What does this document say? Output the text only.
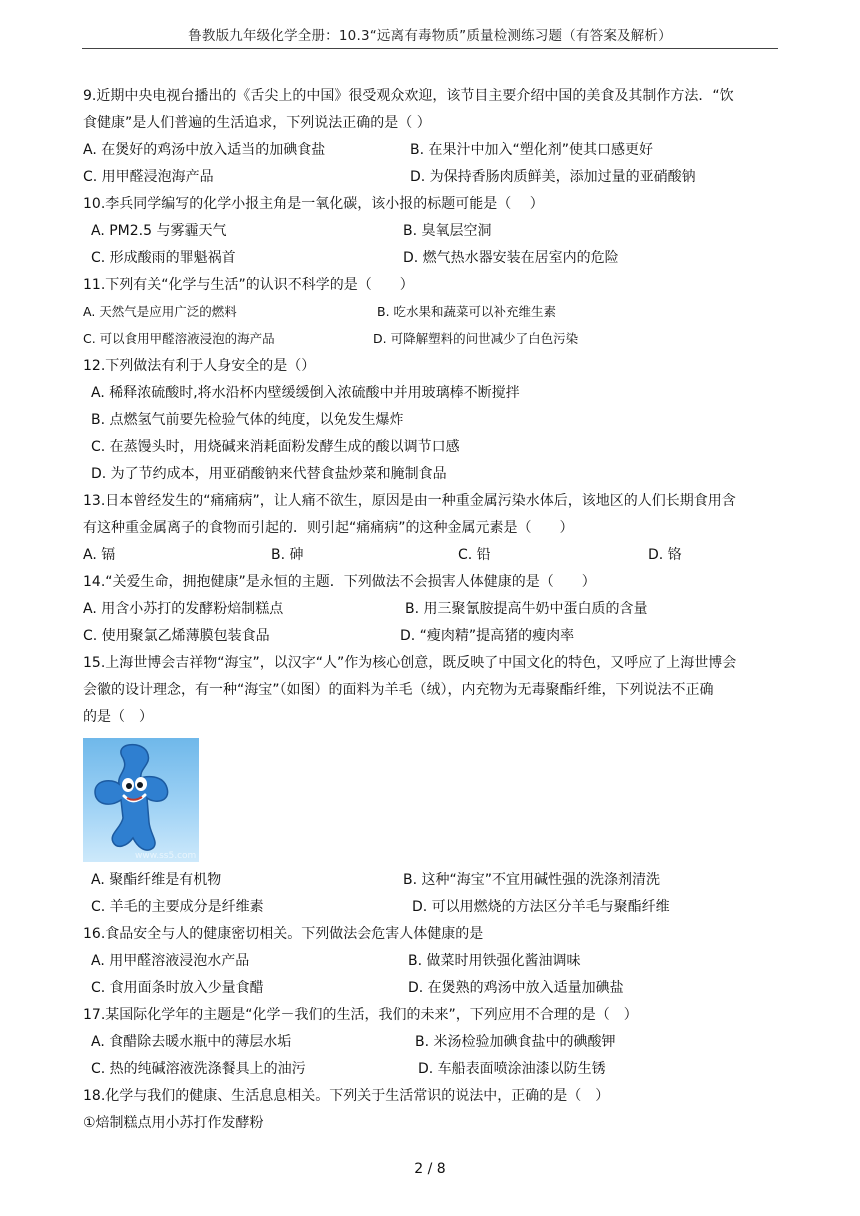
鲁教版九年级化学全册：10.3“远离有毒物质”质量检测练习题（有答案及解析）
9.近期中央电视台播出的《舌尖上的中国》很受观众欢迎，该节目主要介绍中国的美食及其制作方法．“饮
食健康”是人们普遍的生活追求，下列说法正确的是（ ）
A. 在煲好的鸡汤中放入适当的加碘食盐	B. 在果汁中加入“塑化剂”使其口感更好
C. 用甲醛浸泡海产品	D. 为保持香肠肉质鲜美，添加过量的亚硝酸钠
10.李兵同学编写的化学小报主角是一氧化碳，该小报的标题可能是（　 ）
A. PM2.5 与雾霾天气	B. 臭氧层空洞
C. 形成酸雨的罪魁祸首	D. 燃气热水器安装在居室内的危险
11.下列有关“化学与生活”的认识不科学的是（　　）
A. 天然气是应用广泛的燃料	B. 吃水果和蔬菜可以补充维生素
C. 可以食用甲醛溶液浸泡的海产品	D. 可降解塑料的问世减少了白色污染
12.下列做法有利于人身安全的是（）
A. 稀释浓硫酸时,将水沿杯内壁缓缓倒入浓硫酸中并用玻璃棒不断搅拌
B. 点燃氢气前要先检验气体的纯度，以免发生爆炸
C. 在蒸馒头时，用烧碱来消耗面粉发酵生成的酸以调节口感
D. 为了节约成本，用亚硝酸钠来代替食盐炒菜和腌制食品
13.日本曾经发生的“痛痛病”，让人痛不欲生，原因是由一种重金属污染水体后，该地区的人们长期食用含
有这种重金属离子的食物而引起的．则引起“痛痛病”的这种金属元素是（　　）
A. 镉	B. 砷	C. 铅	D. 铬
14.“关爱生命，拥抱健康”是永恒的主题．下列做法不会损害人体健康的是（　　）
A. 用含小苏打的发酵粉焙制糕点	B. 用三聚氰胺提高牛奶中蛋白质的含量
C. 使用聚氯乙烯薄膜包装食品	D. “瘦肉精”提高猪的瘦肉率
15.上海世博会吉祥物“海宝”，以汉字“人”作为核心创意，既反映了中国文化的特色，又呼应了上海世博会
会徽的设计理念，有一种“海宝”（如图）的面料为羊毛（绒），内充物为无毒聚酯纤维，下列说法不正确
的是（　）
www.ss5.com
A. 聚酯纤维是有机物	B. 这种“海宝”不宜用碱性强的洗涤剂清洗
C. 羊毛的主要成分是纤维素	D. 可以用燃烧的方法区分羊毛与聚酯纤维
16.食品安全与人的健康密切相关。下列做法会危害人体健康的是
A. 用甲醛溶液浸泡水产品	B. 做菜时用铁强化酱油调味
C. 食用面条时放入少量食醋	D. 在煲熟的鸡汤中放入适量加碘盐
17.某国际化学年的主题是“化学－我们的生活，我们的未来”，下列应用不合理的是（　）
A. 食醋除去暖水瓶中的薄层水垢	B. 米汤检验加碘食盐中的碘酸钾
C. 热的纯碱溶液洗涤餐具上的油污	D. 车船表面喷涂油漆以防生锈
18.化学与我们的健康、生活息息相关。下列关于生活常识的说法中，正确的是（　）
①焙制糕点用小苏打作发酵粉
2 / 8
